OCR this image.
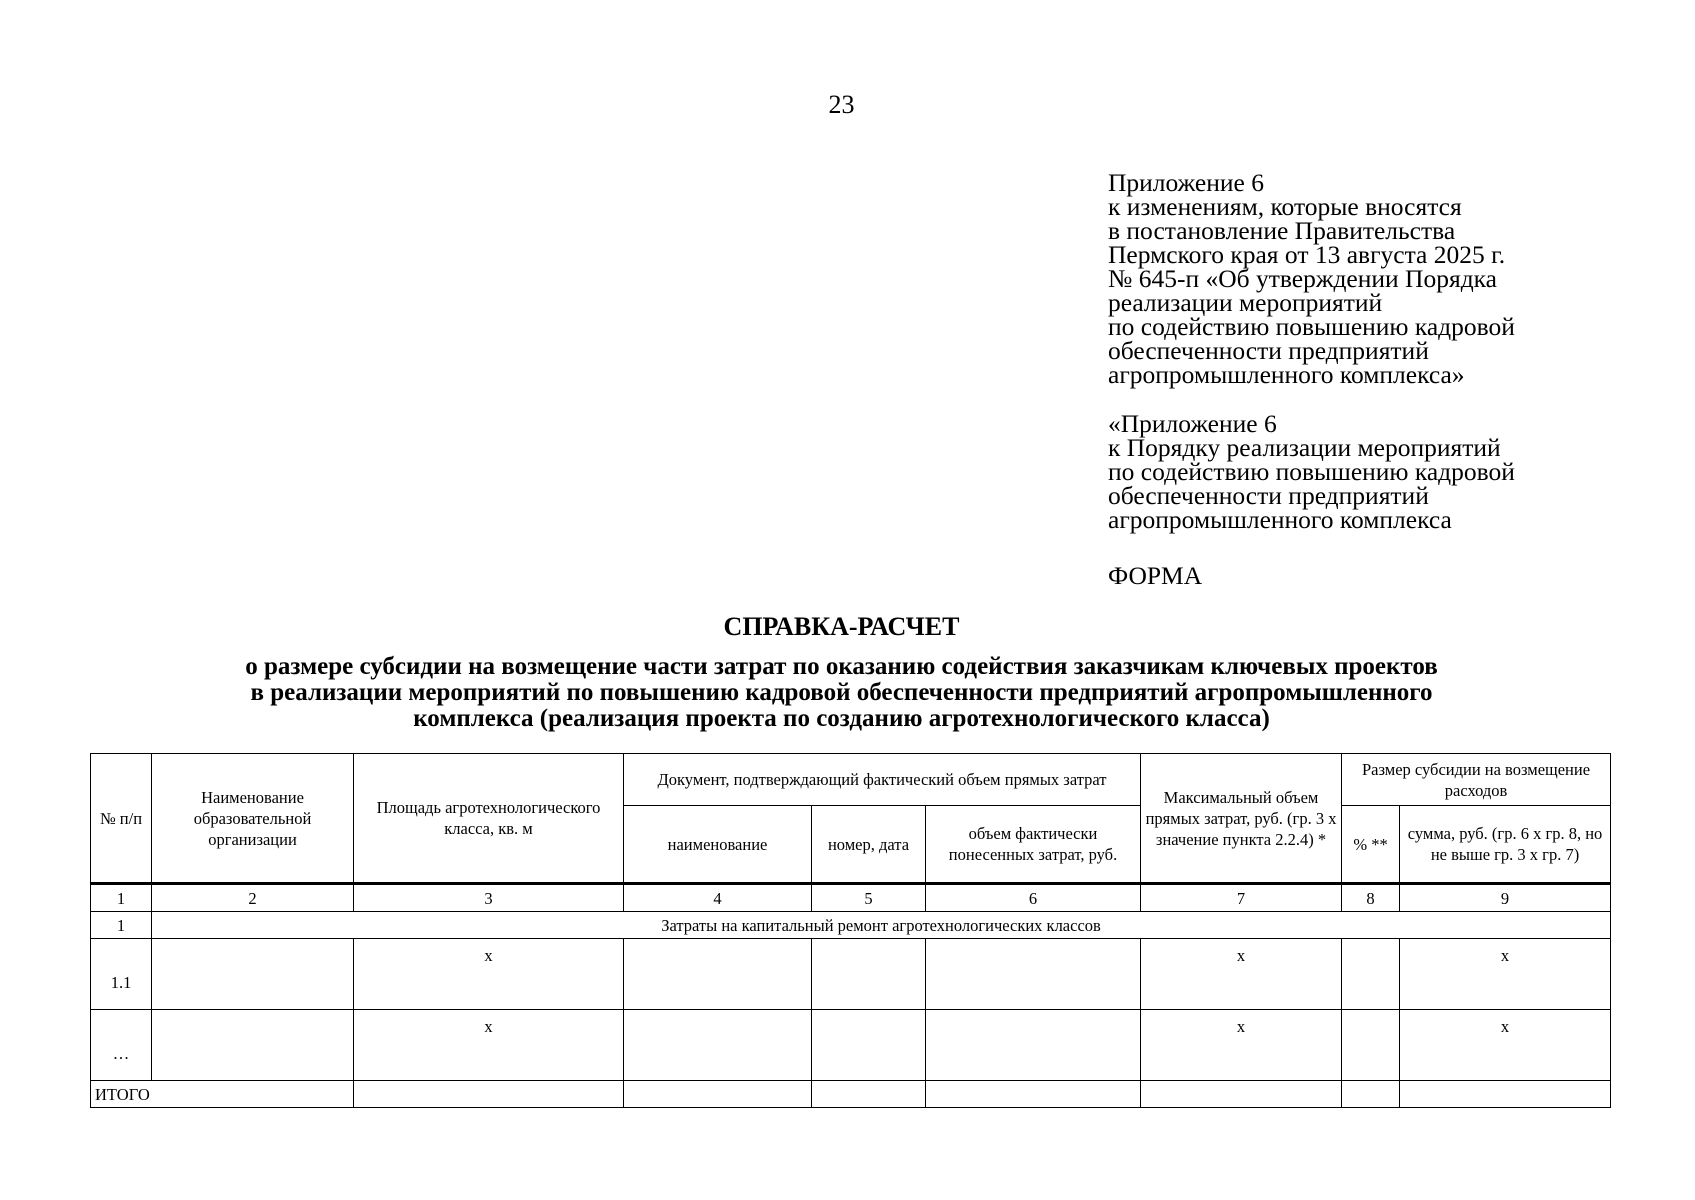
23
Приложение 6
к изменениям, которые вносятся
в постановление Правительства
Пермского края от 13 августа 2025 г.
№ 645-п «Об утверждении Порядка
реализации мероприятий
по содействию повышению кадровой
обеспеченности предприятий
агропромышленного комплекса»
«Приложение 6
к Порядку реализации мероприятий
по содействию повышению кадровой
обеспеченности предприятий
агропромышленного комплекса
ФОРМА
СПРАВКА-РАСЧЕТ
о размере субсидии на возмещение части затрат по оказанию содействия заказчикам ключевых проектов
в реализации мероприятий по повышению кадровой обеспеченности предприятий агропромышленного
комплекса (реализация проекта по созданию агротехнологического класса)
№ п/п	Наименование образовательной организации	Площадь агротехнологического класса, кв. м	Документ, подтверждающий фактический объем прямых затрат			Максимальный объем прямых затрат, руб. (гр. 3 x значение пункта 2.2.4) *	Размер субсидии на возмещение расходов	
			наименование	номер, дата	объем фактически понесенных затрат, руб.		% **	сумма, руб. (гр. 6 x гр. 8, но не выше гр. 3 x гр. 7)
1	2	3	4	5	6	7	8	9
1	Затраты на капитальный ремонт агротехнологических классов							
1.1		x				x		x
…		x				x		x
ИТОГО								
